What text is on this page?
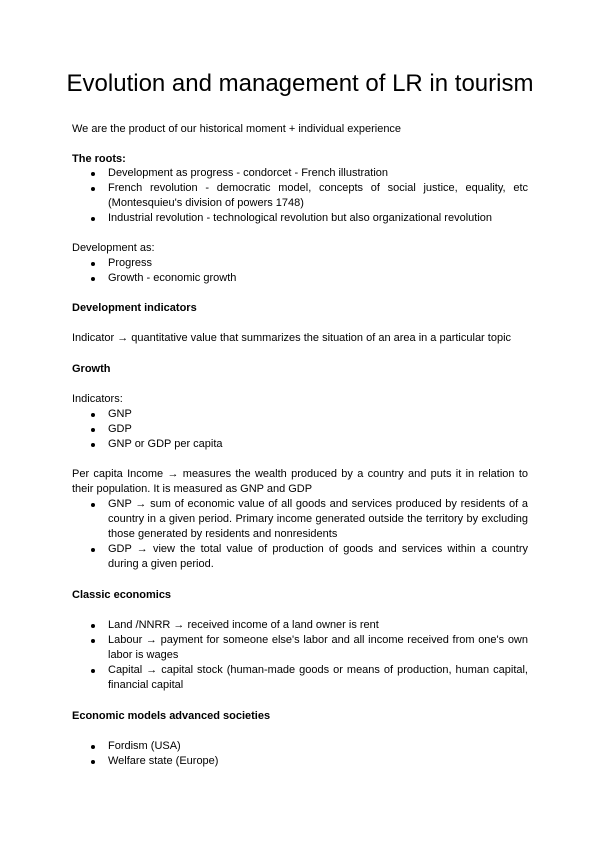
Evolution and management of LR in tourism

We are the product of our historical moment + individual experience

The roots:

Development as progress - condorcet - French illustration
French revolution - democratic model, concepts of social justice, equality, etc (Montesquieu's division of powers 1748)
Industrial revolution - technological revolution but also organizational revolution

Development as:

Progress
Growth - economic growth

Development indicators

Indicator → quantitative value that summarizes the situation of an area in a particular topic

Growth

Indicators:

GNP
GDP
GNP or GDP per capita

Per capita Income → measures the wealth produced by a country and puts it in relation to their population. It is measured as GNP and GDP

GNP → sum of economic value of all goods and services produced by residents of a country in a given period. Primary income generated outside the territory by excluding those generated by residents and nonresidents
GDP → view the total value of production of goods and services within a country during a given period.

Classic economics

Land /NNRR → received income of a land owner is rent
Labour → payment for someone else's labor and all income received from one's own labor is wages
Capital → capital stock (human-made goods or means of production, human capital, financial capital

Economic models advanced societies

Fordism (USA)
Welfare state (Europe)
